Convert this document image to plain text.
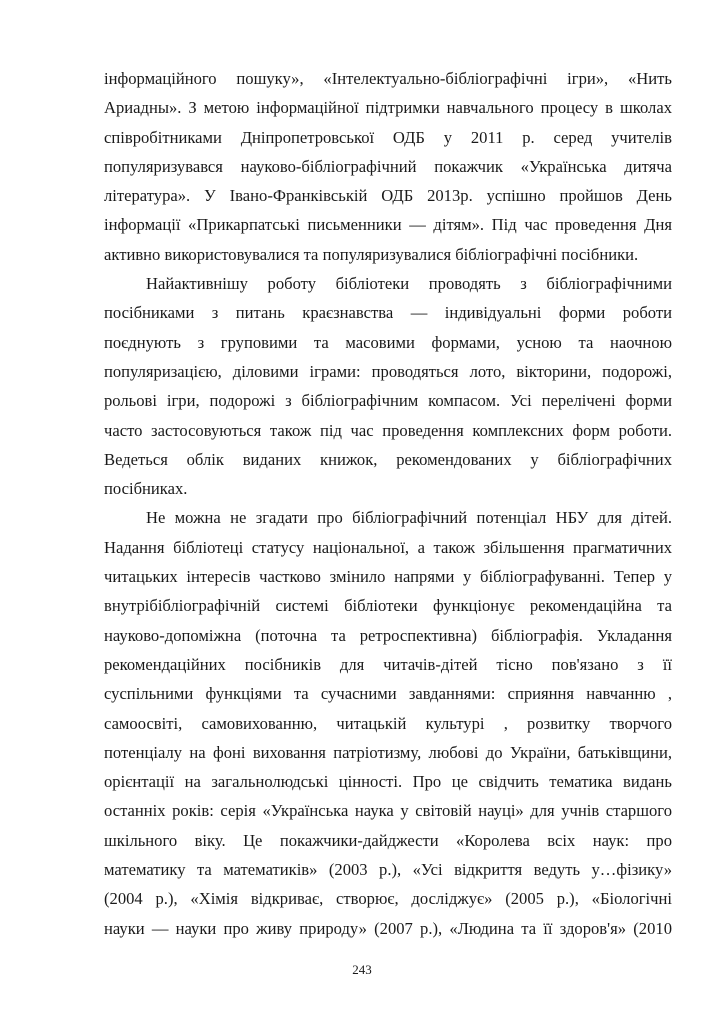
інформаційного пошуку», «Інтелектуально-бібліографічні ігри», «Нить
Ариадны». З метою інформаційної підтримки навчального процесу в школах
співробітниками Дніпропетровської ОДБ у 2011 р. серед учителів
популяризувався науково-бібліографічний покажчик «Українська дитяча
література». У Івано-Франківській ОДБ 2013р. успішно пройшов День
інформації «Прикарпатські письменники — дітям». Під час проведення Дня
активно використовувалися та популяризувалися бібліографічні посібники.
Найактивнішу роботу бібліотеки проводять з бібліографічними
посібниками з питань краєзнавства — індивідуальні форми роботи
поєднують з груповими та масовими формами, усною та наочною
популяризацією, діловими іграми: проводяться лото, вікторини, подорожі,
рольові ігри, подорожі з бібліографічним компасом. Усі перелічені форми
часто застосовуються також під час проведення комплексних форм роботи.
Ведеться облік виданих книжок, рекомендованих у бібліографічних
посібниках.
Не можна не згадати про бібліографічний потенціал НБУ для дітей.
Надання бібліотеці статусу національної, а також збільшення прагматичних
читацьких інтересів частково змінило напрями у бібліографуванні. Тепер у
внутрібібліографічній системі бібліотеки функціонує рекомендаційна та
науково-допоміжна (поточна та ретроспективна) бібліографія. Укладання
рекомендаційних посібників для читачів-дітей тісно пов'язано з її
суспільними функціями та сучасними завданнями: сприяння навчанню ,
самоосвіті, самовихованню, читацькій культурі , розвитку творчого
потенціалу на фоні виховання патріотизму, любові до України, батьківщини,
орієнтації на загальнолюдські цінності. Про це свідчить тематика видань
останніх років: серія «Українська наука у світовій науці» для учнів старшого
шкільного віку. Це покажчики-дайджести «Королева всіх наук: про
математику та математиків» (2003 р.), «Усі відкриття ведуть у…фізику»
(2004 р.), «Хімія відкриває, створює, досліджує» (2005 р.), «Біологічні
науки — науки про живу природу» (2007 р.), «Людина та її здоров'я» (2010
243
